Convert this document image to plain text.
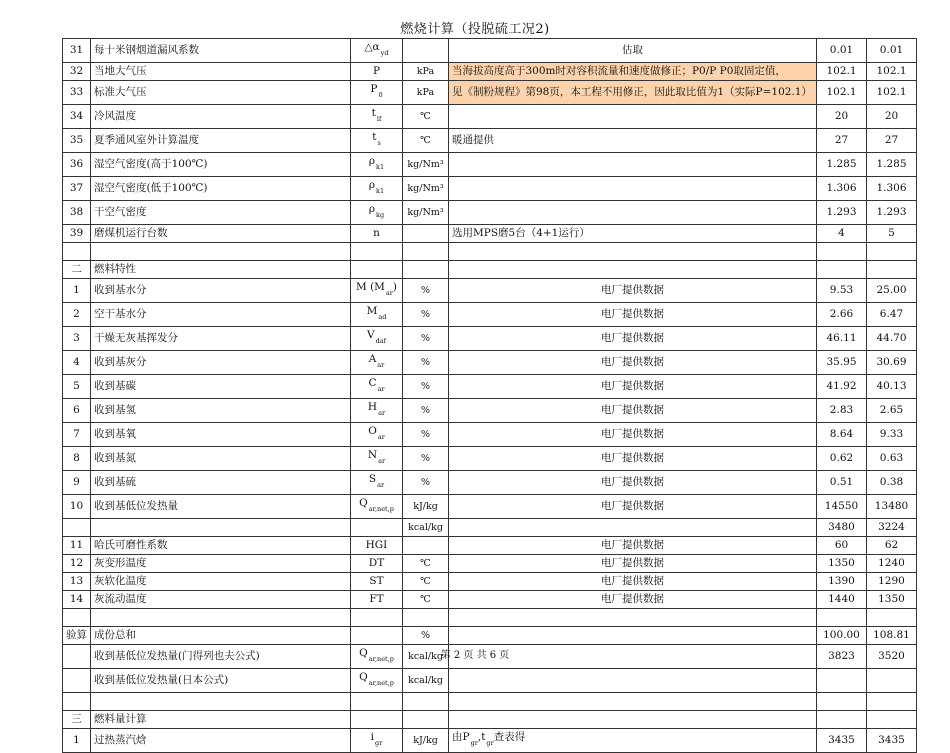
燃烧计算（投脱硫工况2)
31	每十米钢烟道漏风系数	$\triangle\alpha_{yd}$		估取	0.01	0.01
32	当地大气压	P	kPa	当海拔高度高于300m时对容积流量和速度做修正；P0/P P0取固定值，	102.1	102.1
33	标准大气压	$P_0$	kPa	见《制粉规程》第98页，本工程不用修正，因此取比值为1（实际P=102.1）	102.1	102.1
34	冷风温度	$t_{lf}$	℃		20	20
35	夏季通风室外计算温度	$t_s$	℃	暖通提供	27	27
36	湿空气密度(高于100℃)	$\rho_{k1}$	kg/Nm³		1.285	1.285
37	湿空气密度(低于100℃)	$\rho_{k1}$	kg/Nm³		1.306	1.306
38	干空气密度	$\rho_{kg}$	kg/Nm³		1.293	1.293
39	磨煤机运行台数	n		选用MPS磨5台（4+1运行）	4	5

二	燃料特性					
1	收到基水分	M $(M_{ar})$	%	电厂提供数据	9.53	25.00
2	空干基水分	$M_{ad}$	%	电厂提供数据	2.66	6.47
3	干燥无灰基挥发分	$V_{daf}$	%	电厂提供数据	46.11	44.70
4	收到基灰分	$A_{ar}$	%	电厂提供数据	35.95	30.69
5	收到基碳	$C_{ar}$	%	电厂提供数据	41.92	40.13
6	收到基氢	$H_{ar}$	%	电厂提供数据	2.83	2.65
7	收到基氧	$O_{ar}$	%	电厂提供数据	8.64	9.33
8	收到基氮	$N_{ar}$	%	电厂提供数据	0.62	0.63
9	收到基硫	$S_{ar}$	%	电厂提供数据	0.51	0.38
10	收到基低位发热量	$Q_{ar,net,p}$	kJ/kg	电厂提供数据	14550	13480
			kcal/kg		3480	3224
11	哈氏可磨性系数	HGI		电厂提供数据	60	62
12	灰变形温度	DT	℃	电厂提供数据	1350	1240
13	灰软化温度	ST	℃	电厂提供数据	1390	1290
14	灰流动温度	FT	℃	电厂提供数据	1440	1350

验算	成份总和		%		100.00	108.81
	收到基低位发热量(门得列也夫公式)	$Q_{ar,net,p}$	kcal/kg		3823	3520
	收到基低位发热量(日本公式)	$Q_{ar,net,p}$	kcal/kg			

三	燃料量计算					
1	过热蒸汽焓	$i_{gr}$	kJ/kg	由$P_{gr},t_{gr}$查表得	3435	3435
第 2 页 共 6 页
